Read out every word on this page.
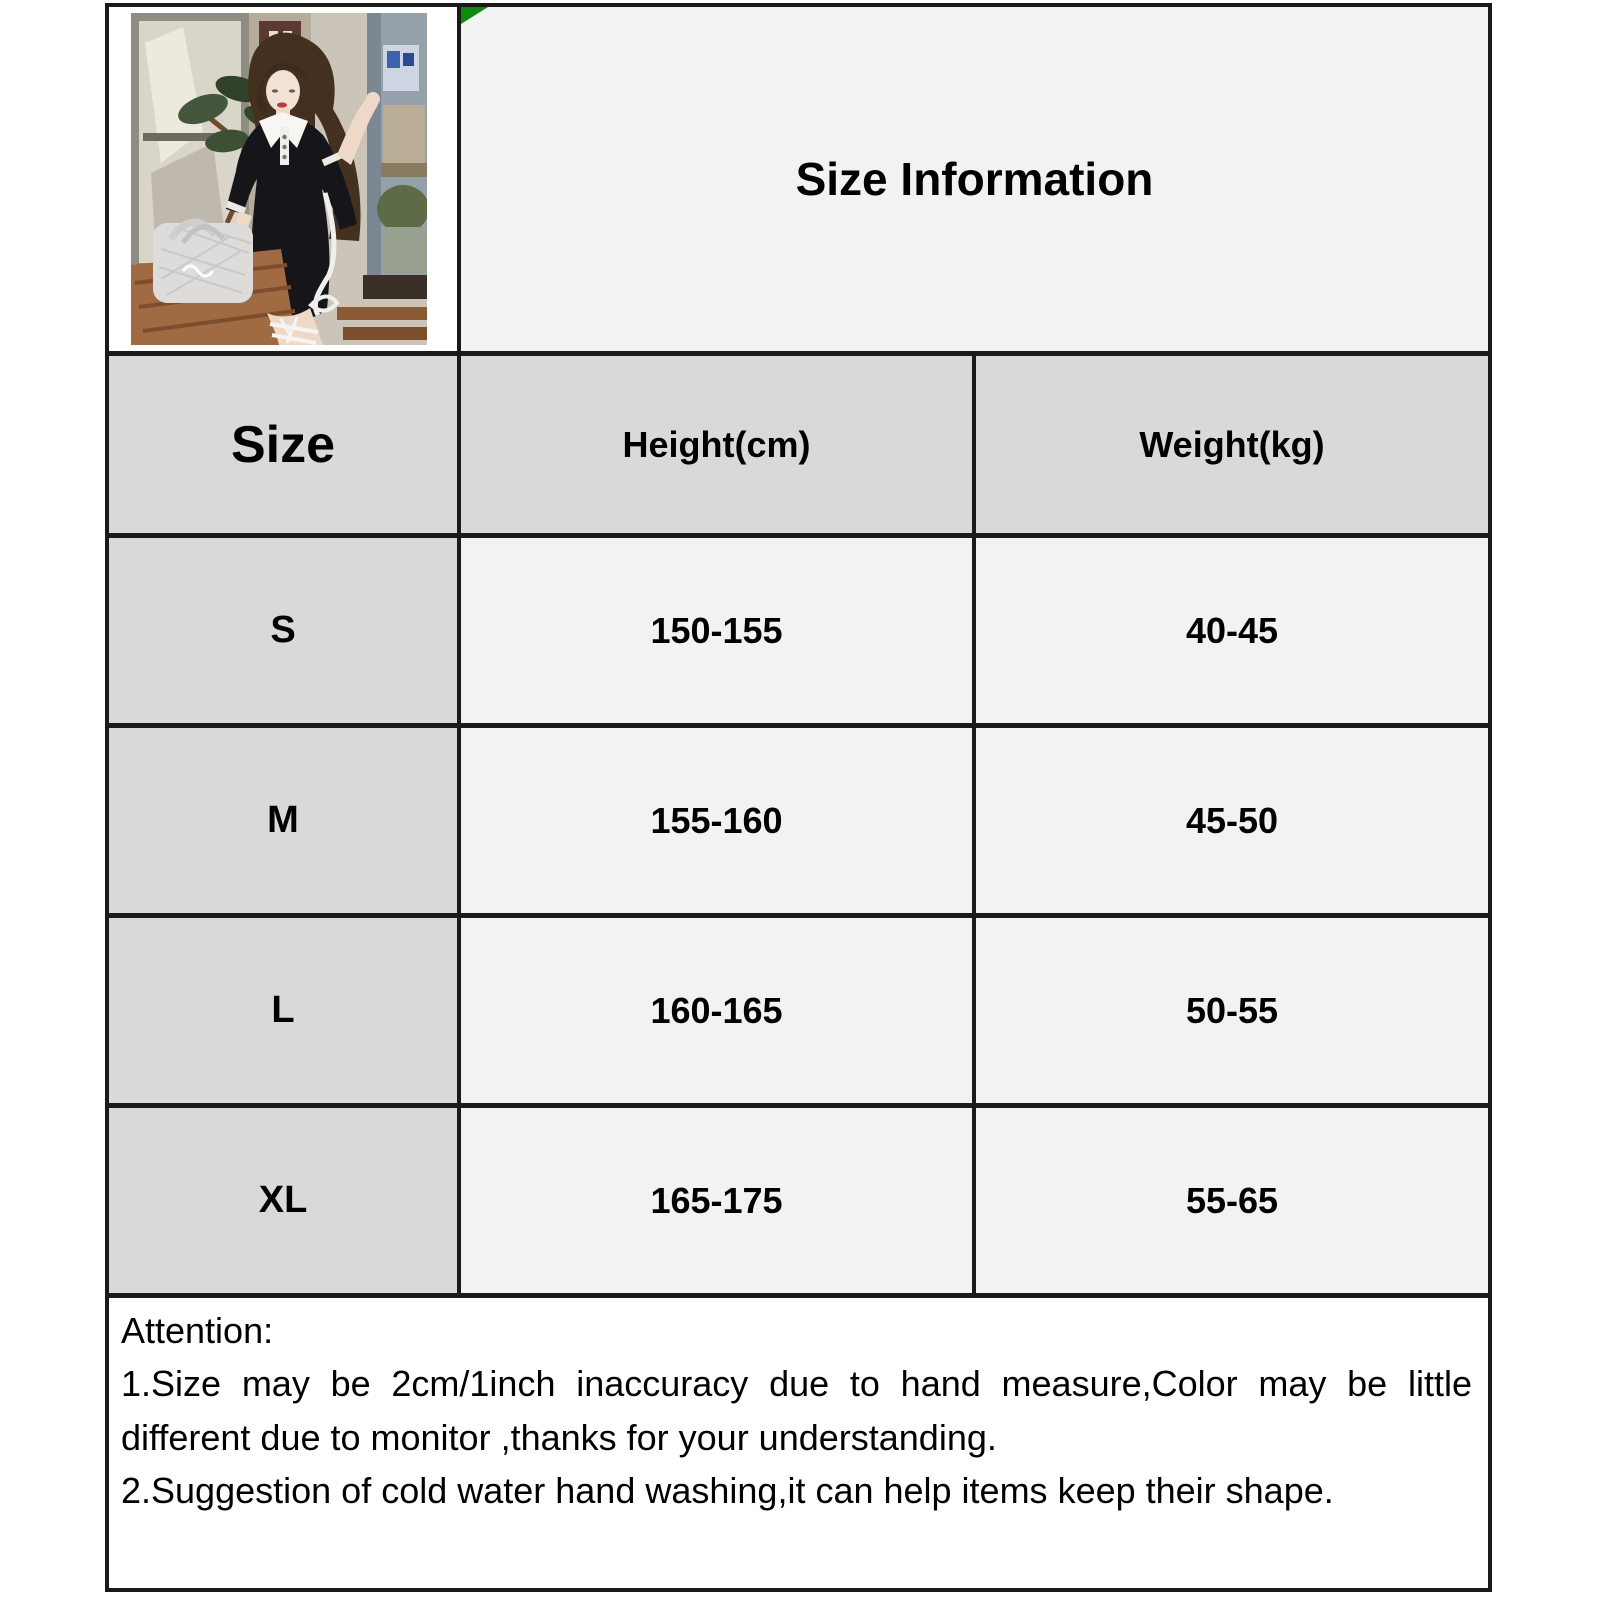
Size Information
Size	Height(cm)	Weight(kg)
S	150-155	40-45
M	155-160	45-50
L	160-165	50-55
XL	165-175	55-65
Attention:

1.Size may be 2cm/1inch inaccuracy due to hand measure,Color may be little different due to monitor ,thanks for your understanding.

2.Suggestion of cold water hand washing,it can help items keep their shape.
